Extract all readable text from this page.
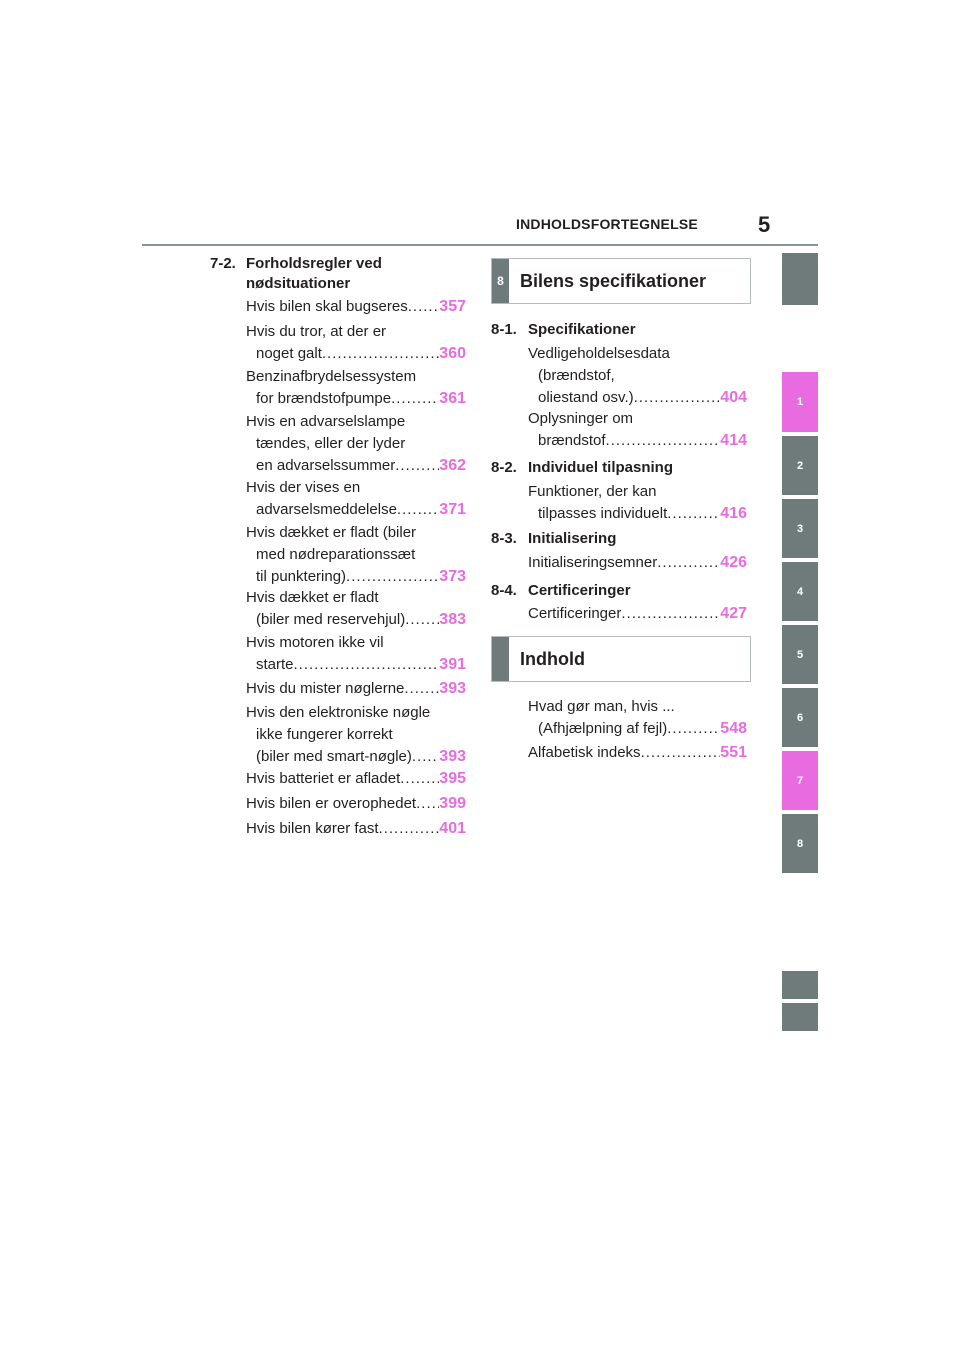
INDHOLDSFORTEGNELSE	5
1
2
3
4
5
6
7
8
7-2. Forholdsregler ved
nødsituationer
Hvis bilen skal bugseres ..... 357
Hvis du tror, at der er
noget galt .....	360
Benzinafbrydelsessystem
for brændstofpumpe .....	361
Hvis en advarselslampe
tændes, eller der lyder
en advarselssummer .....	362
Hvis der vises en
advarselsmeddelelse .....	371
Hvis dækket er fladt (biler
med nødreparationssæt
til punktering) .....	373
Hvis dækket er fladt
(biler med reservehjul) ..... 383
Hvis motoren ikke vil
starte .....	391
Hvis du mister nøglerne ..... 393
Hvis den elektroniske nøgle
ikke fungerer korrekt
(biler med smart-nøgle) ..... 393
Hvis batteriet er afladet ..... 395
Hvis bilen er overophedet ..... 399
Hvis bilen kører fast .....	401
8 Bilens specifikationer
8-1. Specifikationer
Vedligeholdelsesdata
(brændstof,
oliestand osv.) .....	404
Oplysninger om
brændstof .....	414
8-2. Individuel tilpasning
Funktioner, der kan
tilpasses individuelt .....	416
8-3. Initialisering
Initialiseringsemner .....	426
8-4. Certificeringer
Certificeringer .....	427
Indhold
Hvad gør man, hvis ...
(Afhjælpning af fejl) .....	548
Alfabetisk indeks .....	551
